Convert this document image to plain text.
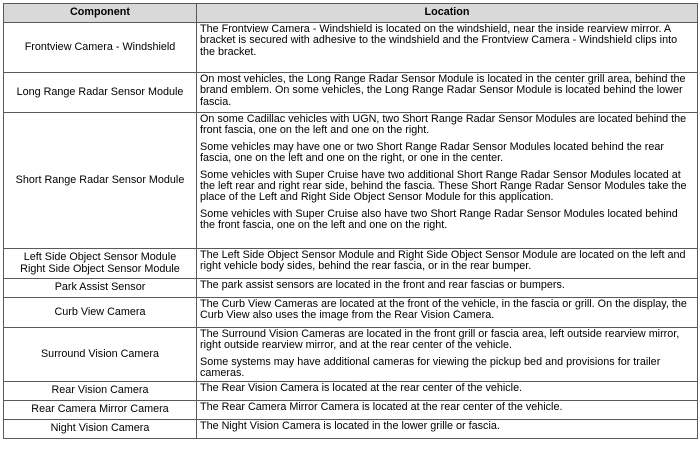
Component	Location

Frontview Camera - Windshield	The Frontview Camera - Windshield is located on the windshield, near the inside rearview mirror. A bracket is secured with adhesive to the windshield and the Frontview Camera - Windshield clips into the bracket.

Long Range Radar Sensor Module	On most vehicles, the Long Range Radar Sensor Module is located in the center grill area, behind the brand emblem. On some vehicles, the Long Range Radar Sensor Module is located behind the lower fascia.

Short Range Radar Sensor Module	On some Cadillac vehicles with UGN, two Short Range Radar Sensor Modules are located behind the front fascia, one on the left and one on the right.

Some vehicles may have one or two Short Range Radar Sensor Modules located behind the rear fascia, one on the left and one on the right, or one in the center.

Some vehicles with Super Cruise have two additional Short Range Radar Sensor Modules located at the left rear and right rear side, behind the fascia. These Short Range Radar Sensor Modules take the place of the Left and Right Side Object Sensor Module for this application.

Some vehicles with Super Cruise also have two Short Range Radar Sensor Modules located behind the front fascia, one on the left and one on the right.

Left Side Object Sensor Module
Right Side Object Sensor Module	The Left Side Object Sensor Module and Right Side Object Sensor Module are located on the left and right vehicle body sides, behind the rear fascia, or in the rear bumper.

Park Assist Sensor	The park assist sensors are located in the front and rear fascias or bumpers.

Curb View Camera	The Curb View Cameras are located at the front of the vehicle, in the fascia or grill. On the display, the Curb View also uses the image from the Rear Vision Camera.

Surround Vision Camera	The Surround Vision Cameras are located in the front grill or fascia area, left outside rearview mirror, right outside rearview mirror, and at the rear center of the vehicle.

Some systems may have additional cameras for viewing the pickup bed and provisions for trailer cameras.

Rear Vision Camera	The Rear Vision Camera is located at the rear center of the vehicle.

Rear Camera Mirror Camera	The Rear Camera Mirror Camera is located at the rear center of the vehicle.

Night Vision Camera	The Night Vision Camera is located in the lower grille or fascia.
